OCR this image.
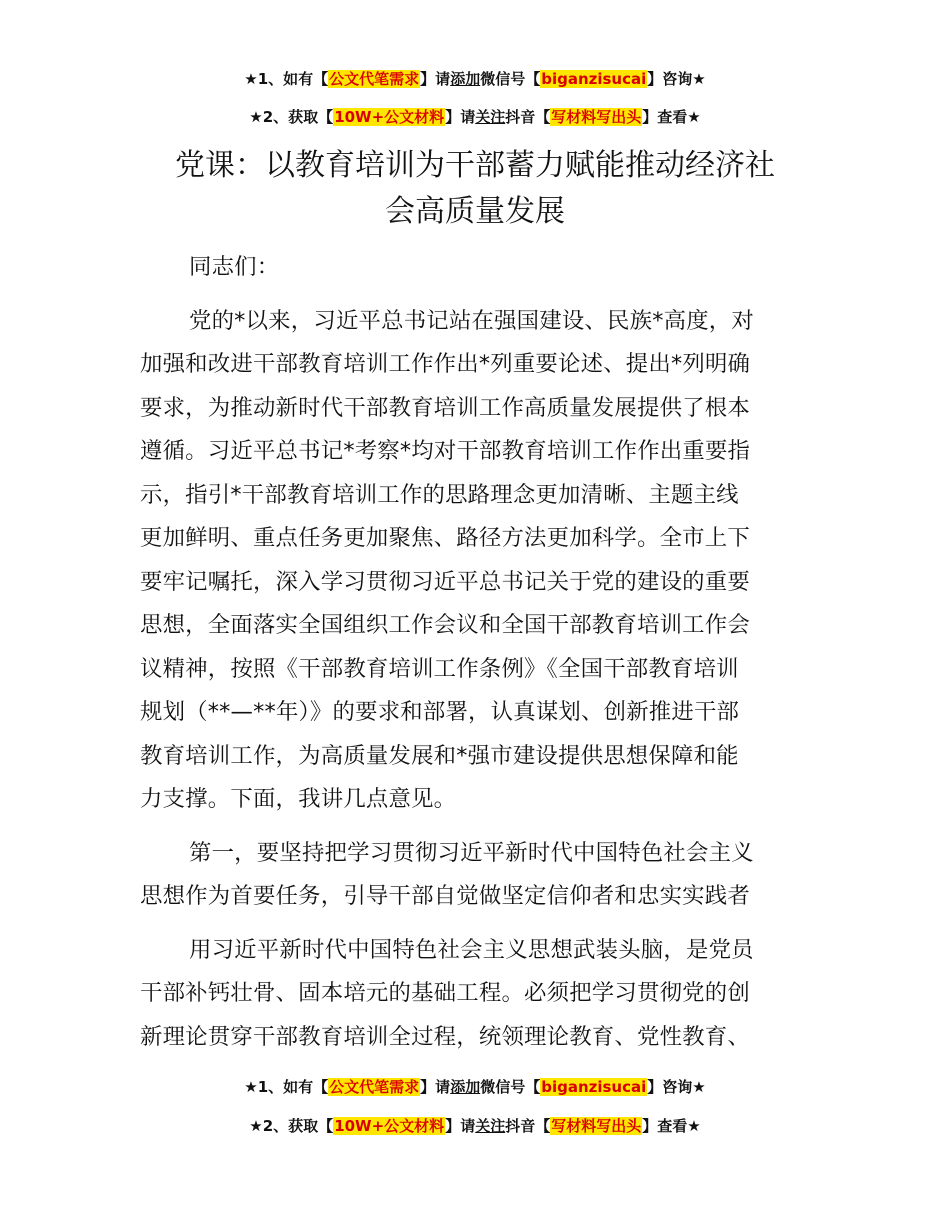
★1、如有【公文代笔需求】请添加微信号【biganzisucai】咨询★
★2、获取【10W+公文材料】请关注抖音【写材料写出头】查看★
党课：以教育培训为干部蓄力赋能推动经济社
会高质量发展
同志们：
党的*以来，习近平总书记站在强国建设、民族*高度，对
加强和改进干部教育培训工作作出*列重要论述、提出*列明确
要求，为推动新时代干部教育培训工作高质量发展提供了根本
遵循。习近平总书记*考察*均对干部教育培训工作作出重要指
示，指引*干部教育培训工作的思路理念更加清晰、主题主线
更加鲜明、重点任务更加聚焦、路径方法更加科学。全市上下
要牢记嘱托，深入学习贯彻习近平总书记关于党的建设的重要
思想，全面落实全国组织工作会议和全国干部教育培训工作会
议精神，按照《干部教育培训工作条例》《全国干部教育培训
规划（**—**年）》的要求和部署，认真谋划、创新推进干部
教育培训工作，为高质量发展和*强市建设提供思想保障和能
力支撑。下面，我讲几点意见。
第一，要坚持把学习贯彻习近平新时代中国特色社会主义
思想作为首要任务，引导干部自觉做坚定信仰者和忠实实践者
用习近平新时代中国特色社会主义思想武装头脑，是党员
干部补钙壮骨、固本培元的基础工程。必须把学习贯彻党的创
新理论贯穿干部教育培训全过程，统领理论教育、党性教育、
★1、如有【公文代笔需求】请添加微信号【biganzisucai】咨询★
★2、获取【10W+公文材料】请关注抖音【写材料写出头】查看★
